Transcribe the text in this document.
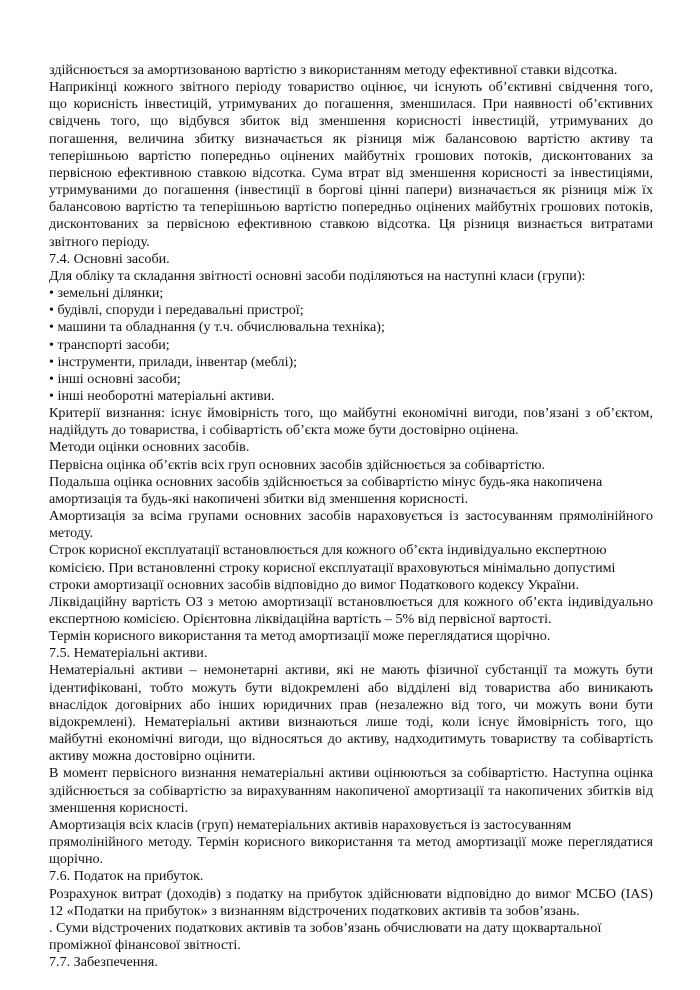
здійснюється за амортизованою вартістю з використанням методу ефективної ставки відсотка.
Наприкінці кожного звітного періоду товариство оцінює, чи існують об’єктивні свідчення того,
що корисність інвестицій, утримуваних до погашення, зменшилася. При наявності об’єктивних
свідчень того, що відбувся збиток від зменшення корисності інвестицій, утримуваних до
погашення, величина збитку визначається як різниця між балансовою вартістю активу та
теперішньою вартістю попередньо оцінених майбутніх грошових потоків, дисконтованих за
первісною ефективною ставкою відсотка. Сума втрат від зменшення корисності за інвестиціями,
утримуваними до погашення (інвестиції в боргові цінні папери) визначається як різниця між їх
балансовою вартістю та теперішньою вартістю попередньо оцінених майбутніх грошових потоків,
дисконтованих за первісною ефективною ставкою відсотка. Ця різниця визнається витратами
звітного періоду.
7.4. Основні засоби.
Для обліку та складання звітності основні засоби поділяються на наступні класи (групи):
• земельні ділянки;
• будівлі, споруди і передавальні пристрої;
• машини та обладнання (у т.ч. обчислювальна техніка);
• транспорті засоби;
• інструменти, прилади, інвентар (меблі);
• інші основні засоби;
• інші необоротні матеріальні активи.
Критерії визнання: існує ймовірність того, що майбутні економічні вигоди, пов’язані з об’єктом,
надійдуть до товариства, і собівартість об’єкта може бути достовірно оцінена.
Методи оцінки основних засобів.
Первісна оцінка об’єктів всіх груп основних засобів здійснюється за собівартістю.
Подальша оцінка основних засобів здійснюється за собівартістю мінус будь-яка накопичена
амортизація та будь-які накопичені збитки від зменшення корисності.
Амортизація за всіма групами основних засобів нараховується із застосуванням прямолінійного
методу.
Строк корисної експлуатації встановлюється для кожного об’єкта індивідуально експертною
комісією. При встановленні строку корисної експлуатації враховуються мінімально допустимі
строки амортизації основних засобів відповідно до вимог Податкового кодексу України.
Ліквідаційну вартість ОЗ з метою амортизації встановлюється для кожного об’єкта індивідуально
експертною комісією. Орієнтовна ліквідаційна вартість – 5% від первісної вартості.
Термін корисного використання та метод амортизації може переглядатися щорічно.
7.5. Нематеріальні активи.
Нематеріальні активи – немонетарні активи, які не мають фізичної субстанції та можуть бути
ідентифіковані, тобто можуть бути відокремлені або відділені від товариства або виникають
внаслідок договірних або інших юридичних прав (незалежно від того, чи можуть вони бути
відокремлені). Нематеріальні активи визнаються лише тоді, коли існує ймовірність того, що
майбутні економічні вигоди, що відносяться до активу, надходитимуть товариству та собівартість
активу можна достовірно оцінити.
В момент первісного визнання нематеріальні активи оцінюються за собівартістю. Наступна оцінка
здійснюється за собівартістю за вирахуванням накопиченої амортизації та накопичених збитків від
зменшення корисності.
Амортизація всіх класів (груп) нематеріальних активів нараховується із застосуванням
прямолінійного методу. Термін корисного використання та метод амортизації може переглядатися
щорічно.
7.6. Податок на прибуток.
Розрахунок витрат (доходів) з податку на прибуток здійснювати відповідно до вимог МСБО (IAS)
12 «Податки на прибуток» з визнанням відстрочених податкових активів та зобов’язань.
. Суми відстрочених податкових активів та зобов’язань обчислювати на дату щоквартальної
проміжної фінансової звітності.
7.7. Забезпечення.
